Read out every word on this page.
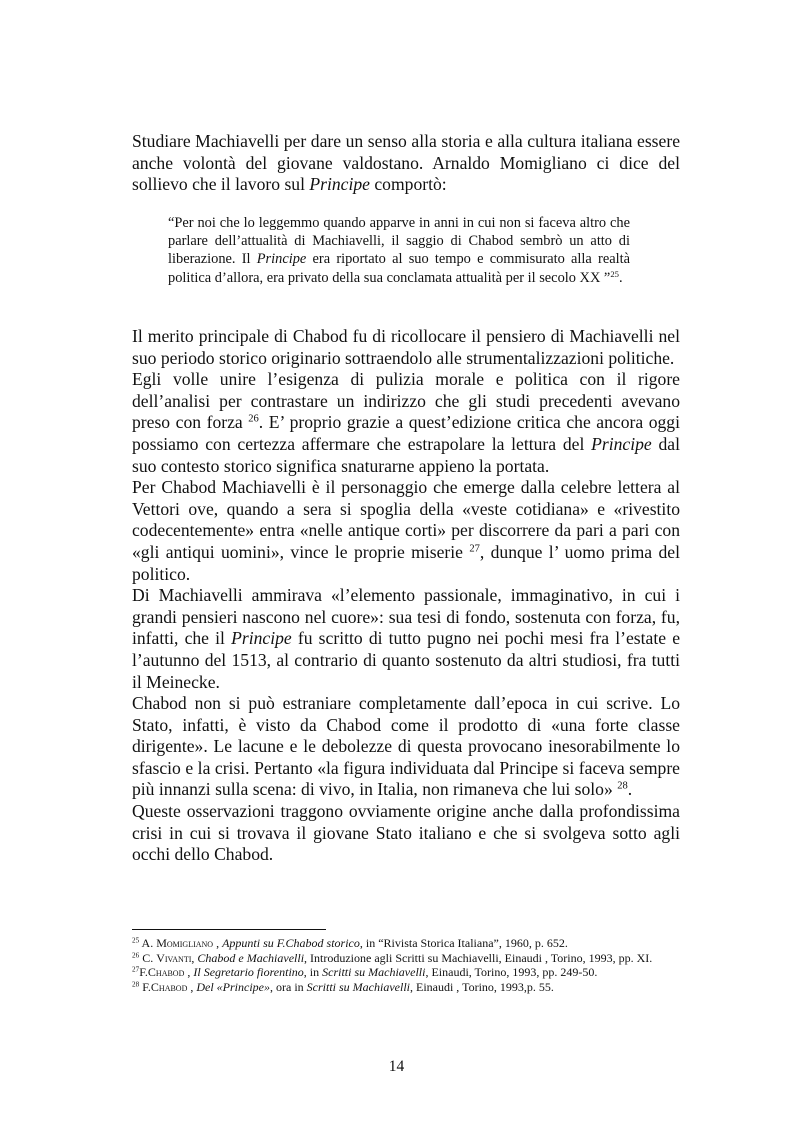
Studiare Machiavelli per dare un senso alla storia e alla cultura italiana essere anche volontà del giovane valdostano. Arnaldo Momigliano ci dice del sollievo che il lavoro sul Principe comportò:

“Per noi che lo leggemmo quando apparve in anni in cui non si faceva altro che parlare dell’attualità di Machiavelli, il saggio di Chabod sembrò un atto di liberazione. Il Principe era riportato al suo tempo e commisurato alla realtà politica d’allora, era privato della sua conclamata attualità per il secolo XX ”$^{25}$.

Il merito principale di Chabod fu di ricollocare il pensiero di Machiavelli nel suo periodo storico originario sottraendolo alle strumentalizzazioni politiche.

Egli volle unire l’esigenza di pulizia morale e politica con il rigore dell’analisi per contrastare un indirizzo che gli studi precedenti avevano preso con forza $^{26}$. E’ proprio grazie a quest’edizione critica che ancora oggi possiamo con certezza affermare che estrapolare la lettura del Principe dal suo contesto storico significa snaturarne appieno la portata.

Per Chabod Machiavelli è il personaggio che emerge dalla celebre lettera al Vettori ove, quando a sera si spoglia della «veste cotidiana» e «rivestito codecentemente» entra «nelle antique corti» per discorrere da pari a pari con «gli antiqui uomini», vince le proprie miserie $^{27}$, dunque l’ uomo prima del politico.

Di Machiavelli ammirava «l’elemento passionale, immaginativo, in cui i grandi pensieri nascono nel cuore»: sua tesi di fondo, sostenuta con forza, fu, infatti, che il Principe fu scritto di tutto pugno nei pochi mesi fra l’estate e l’autunno del 1513, al contrario di quanto sostenuto da altri studiosi, fra tutti il Meinecke.

Chabod non si può estraniare completamente dall’epoca in cui scrive. Lo Stato, infatti, è visto da Chabod come il prodotto di «una forte classe dirigente». Le lacune e le debolezze di questa provocano inesorabilmente lo sfascio e la crisi. Pertanto «la figura individuata dal Principe si faceva sempre più innanzi sulla scena: di vivo, in Italia, non rimaneva che lui solo» $^{28}$.

Queste osservazioni traggono ovviamente origine anche dalla profondissima crisi in cui si trovava il giovane Stato italiano e che si svolgeva sotto agli occhi dello Chabod.

$^{25}$ A. Momigliano , Appunti su F.Chabod storico, in “Rivista Storica Italiana”, 1960, p. 652.

$^{26}$ C. Vivanti, Chabod e Machiavelli, Introduzione agli Scritti su Machiavelli, Einaudi , Torino, 1993, pp. XI.

$^{27}$F.Chabod , Il Segretario fiorentino, in Scritti su Machiavelli, Einaudi, Torino, 1993, pp. 249-50.

$^{28}$ F.Chabod , Del «Principe», ora in Scritti su Machiavelli, Einaudi , Torino, 1993,p. 55.

14
